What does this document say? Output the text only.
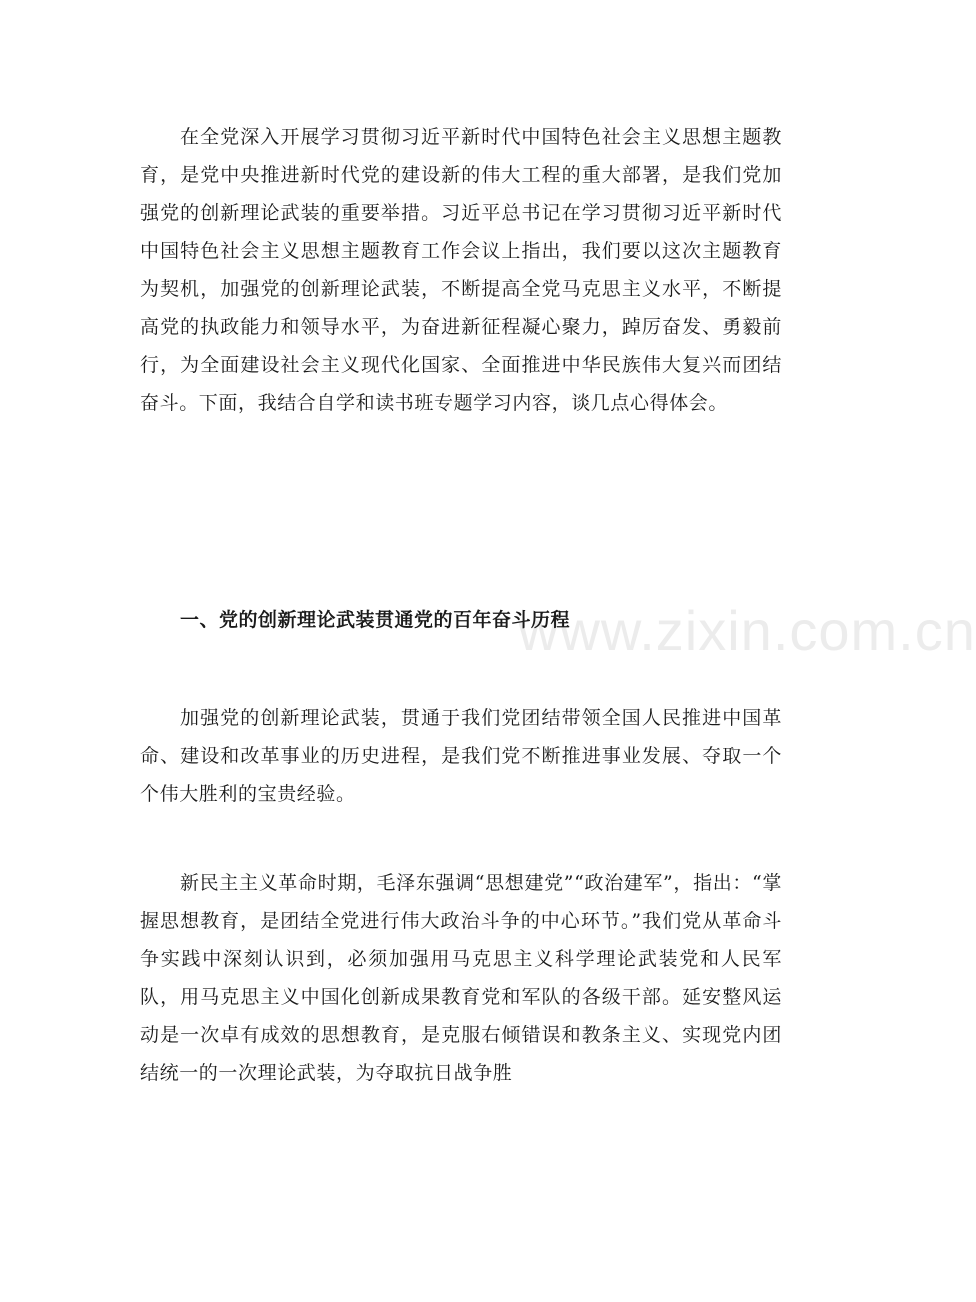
www.zixin.com.cn

在全党深入开展学习贯彻习近平新时代中国特色社会主义思想主题教育，是党中央推进新时代党的建设新的伟大工程的重大部署，是我们党加强党的创新理论武装的重要举措。习近平总书记在学习贯彻习近平新时代中国特色社会主义思想主题教育工作会议上指出，我们要以这次主题教育为契机，加强党的创新理论武装，不断提高全党马克思主义水平，不断提高党的执政能力和领导水平，为奋进新征程凝心聚力，踔厉奋发、勇毅前行，为全面建设社会主义现代化国家、全面推进中华民族伟大复兴而团结奋斗。下面，我结合自学和读书班专题学习内容，谈几点心得体会。

一、党的创新理论武装贯通党的百年奋斗历程

加强党的创新理论武装，贯通于我们党团结带领全国人民推进中国革命、建设和改革事业的历史进程，是我们党不断推进事业发展、夺取一个个伟大胜利的宝贵经验。

新民主主义革命时期，毛泽东强调“思想建党”“政治建军”，指出：“掌握思想教育，是团结全党进行伟大政治斗争的中心环节。”我们党从革命斗争实践中深刻认识到，必须加强用马克思主义科学理论武装党和人民军队，用马克思主义中国化创新成果教育党和军队的各级干部。延安整风运动是一次卓有成效的思想教育，是克服右倾错误和教条主义、实现党内团结统一的一次理论武装，为夺取抗日战争胜
